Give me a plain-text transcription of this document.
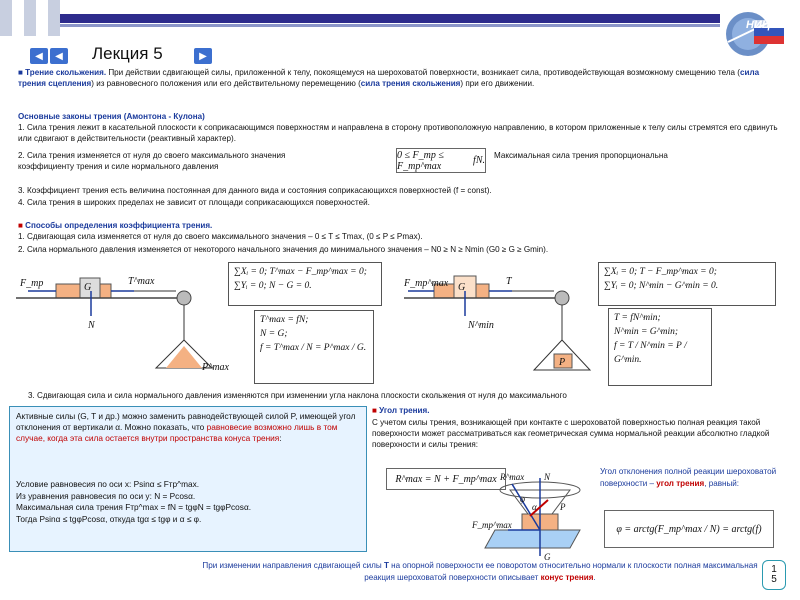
НИЦ ТТ
◀ ◀ Лекция 5	▶
■ Трение скольжения. При действии сдвигающей силы, приложенной к телу, покоящемуся на шероховатой поверхности, возникает сила, противодействующая возможному смещению тела (сила трения сцепления) из равновесного положения или его действительному перемещению (сила трения скольжения) при его движении.
Основные законы трения (Амонтона - Кулона)
1. Сила трения лежит в касательной плоскости к соприкасающимся поверхностям и направлена в сторону противоположную направлению, в котором приложенные к телу силы стремятся его сдвинуть или сдвигают в действительности (реактивный характер).
2. Сила трения изменяется от нуля до своего максимального значения
коэффициенту трения и силе нормального давления
0 ≤ F_тр ≤ F_тр^max
	fN. Максимальная сила трения пропорциональна
3. Коэффициент трения есть величина постоянная для данного вида и состояния соприкасающихся поверхностей (f = const).
4. Сила трения в широких пределах не зависит от площади соприкасающихся поверхностей.
■ Способы определения коэффициента трения.
1. Сдвигающая сила изменяется от нуля до своего максимального значения – 0 ≤ T ≤ Tmax, (0 ≤ P ≤ Pmax).
2. Сила нормального давления изменяется от некоторого начального значения до минимального значения – N0 ≥ N ≥ Nmin (G0 ≥ G ≥ Gmin).
F_тр	G
T^max
N
P^max
∑Xᵢ = 0; T^max − F_тр^max = 0;
∑Yᵢ = 0; N − G = 0.
T^max = fN;
N = G;
f = T^max / N = P^max / G.
F_тр^max G
T
N^min
P
∑Xᵢ = 0; T − F_тр^max = 0;
∑Yᵢ = 0; N^min − G^min = 0.
T = fN^min;
N^min = G^min;
f = T / N^min = P / G^min.
3. Сдвигающая сила и сила нормального давления изменяются при изменении угла наклона плоскости скольжения от нуля до максимального
Активные силы (G, T и др.) можно заменить равнодействующей силой P, имеющей угол отклонения от вертикали α. Можно показать, что равновесие возможно лишь в том случае, когда эта сила остается внутри пространства конуса трения:
Условие равновесия по оси x: Psinα ≤ Fтр^max.
Из уравнения равновесия по оси y: N = Pcosα.
Максимальная сила трения Fтр^max = fN = tgφN = tgφPcosα.
Тогда Psinα ≤ tgφPcosα, откуда tgα ≤ tgφ и α ≤ φ.
■ Угол трения.
С учетом силы трения, возникающей при контакте с шероховатой поверхностью полная реакция такой поверхности может рассматриваться как геометрическая сумма нормальной реакции абсолютно гладкой поверхности и силы трения:
R^max = N + F_тр^max
Угол отклонения полной реакции шероховатой поверхности – угол трения, равный:
φ = arctg(F_тр^max / N) = arctg(f)
R^max N
F_тр^max
P
α
φ
G
При изменении направления сдвигающей силы T на опорной поверхности ее поворотом относительно нормали к плоскости полная максимальная реакция шероховатой поверхности описывает конус трения.
1
5
